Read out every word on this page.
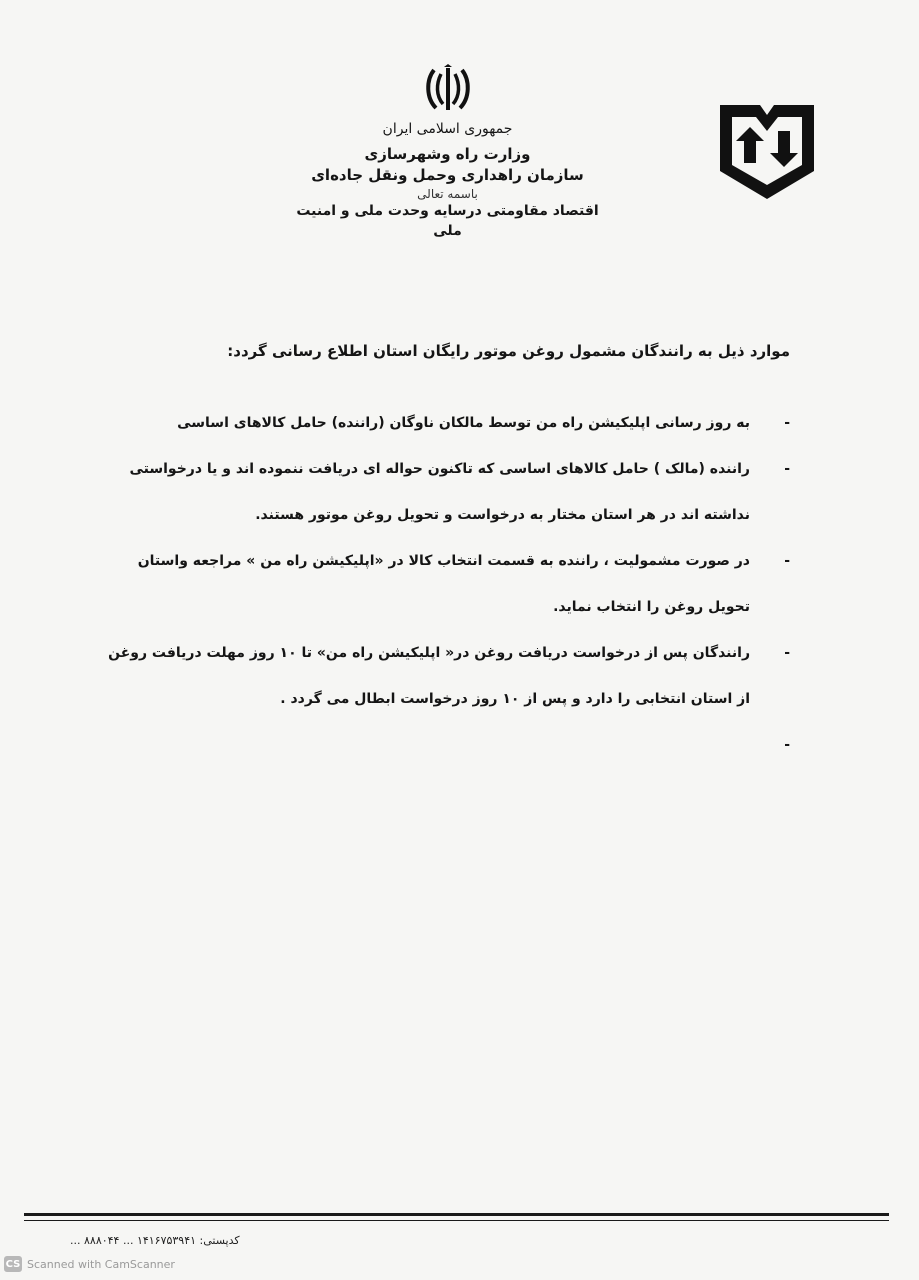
جمهوری اسلامی ایران
وزارت راه وشهرسازی
سازمان راهداری وحمل ونقل جاده‌ای
باسمه تعالی
اقتصاد مقاومتی درسایه وحدت ملی و امنیت ملی
موارد ذیل به رانندگان مشمول روغن موتور رایگان استان اطلاع رسانی گردد:
-
به روز رسانی اپلیکیشن راه من توسط مالکان ناوگان (راننده) حامل کالاهای اساسی
-
راننده (مالک ) حامل کالاهای اساسی که تاکنون حواله ای دریافت ننموده اند و یا درخواستی نداشته اند در هر استان مختار به درخواست و تحویل روغن موتور هستند.
-
در صورت مشمولیت ، راننده به قسمت انتخاب کالا در «اپلیکیشن راه من » مراجعه واستان تحویل روغن را انتخاب نماید.
-
رانندگان پس از درخواست دریافت روغن در« اپلیکیشن راه من» تا ۱۰ روز مهلت دریافت روغن از استان انتخابی را دارد و پس از ۱۰ روز درخواست ابطال می گردد .
-

کدپستی: ۱۴۱۶۷۵۳۹۴۱ ... ۸۸۸۰۴۴ ...
CS Scanned with CamScanner
